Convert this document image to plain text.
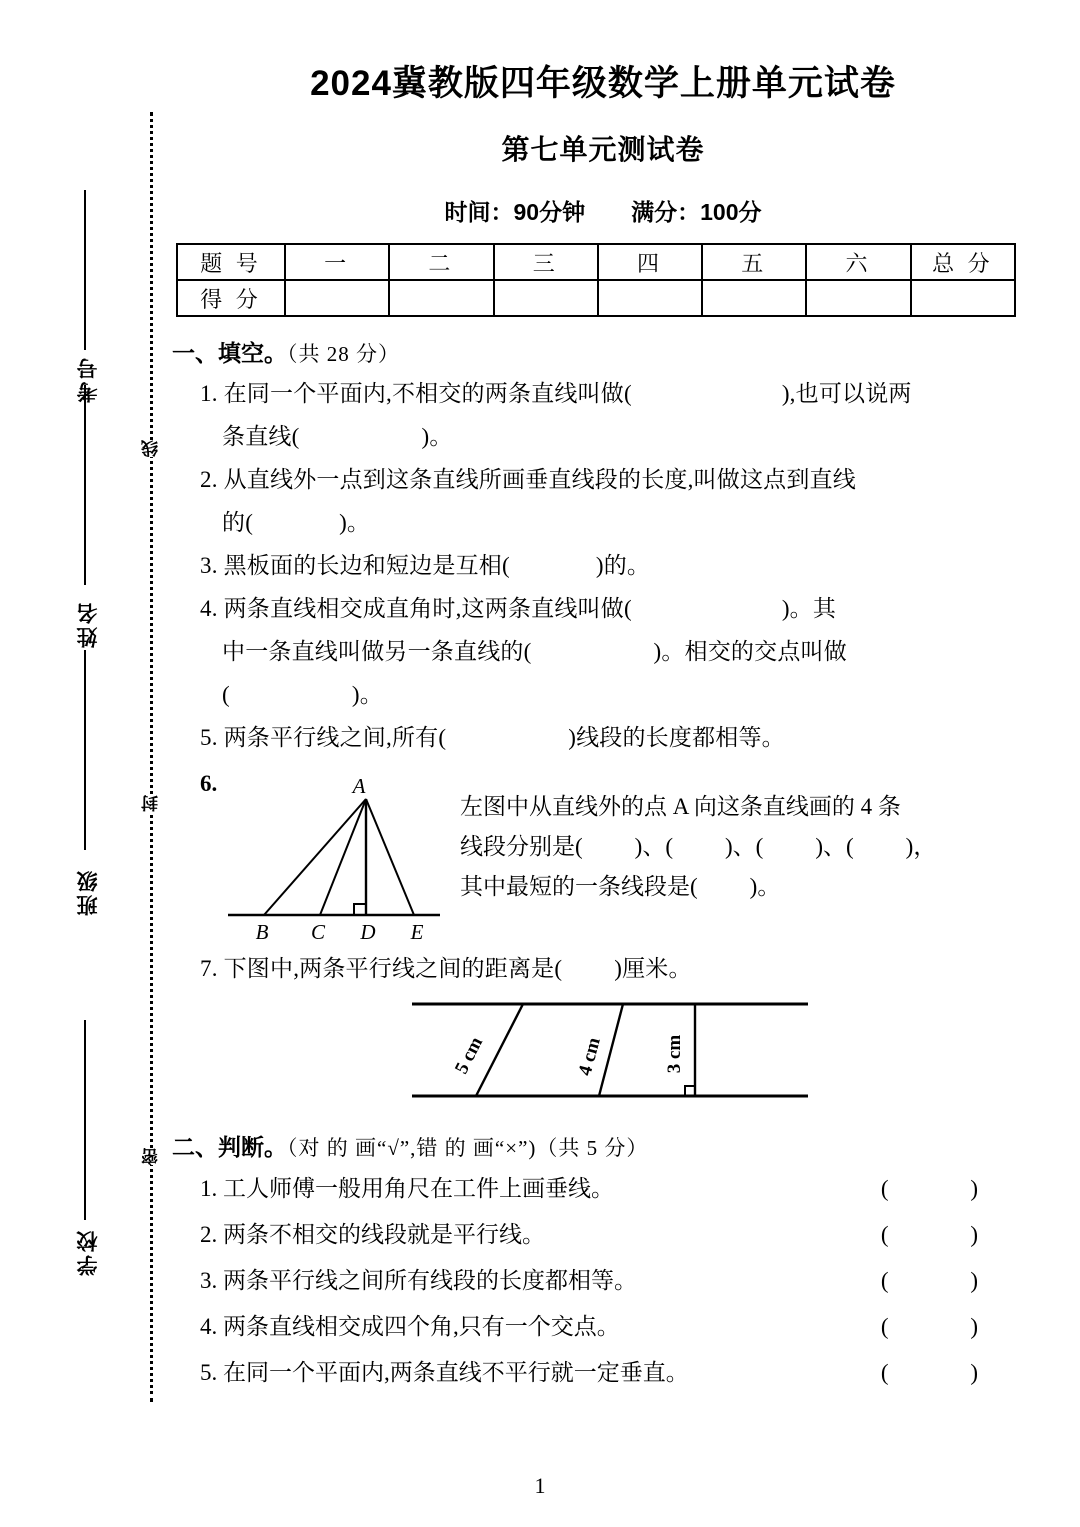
考号
姓名
班级
学校
线
封
密
2024冀教版四年级数学上册单元试卷
第七单元测试卷
时间：90分钟 满分：100分
题 号	一	二	三	四	五	六	总 分
得 分							
一、填空。（共 28 分）
1. 在同一个平面内,不相交的两条直线叫做(	),也可以说两
条直线(	)。
2. 从直线外一点到这条直线所画垂直线段的长度,叫做这点到直线
的(	)。
3. 黑板面的长边和短边是互相(	)的。
4. 两条直线相交成直角时,这两条直线叫做(	)。其
中一条直线叫做另一条直线的(	)。相交的交点叫做
(	)。
5. 两条平行线之间,所有(	)线段的长度都相等。
6.	A
B C D E
左图中从直线外的点 A 向这条直线画的 4 条
线段分别是( )、( )、( )、( )，
其中最短的一条线段是( )。
7. 下图中,两条平行线之间的距离是( )厘米。
5 cm	4 cm	3 cm
二、判断。（对 的 画“√”,错 的 画“×”)（共 5 分）
1. 工人师傅一般用角尺在工件上画垂线。	( )
2. 两条不相交的线段就是平行线。	( )
3. 两条平行线之间所有线段的长度都相等。	( )
4. 两条直线相交成四个角,只有一个交点。	( )
5. 在同一个平面内,两条直线不平行就一定垂直。	( )
1
